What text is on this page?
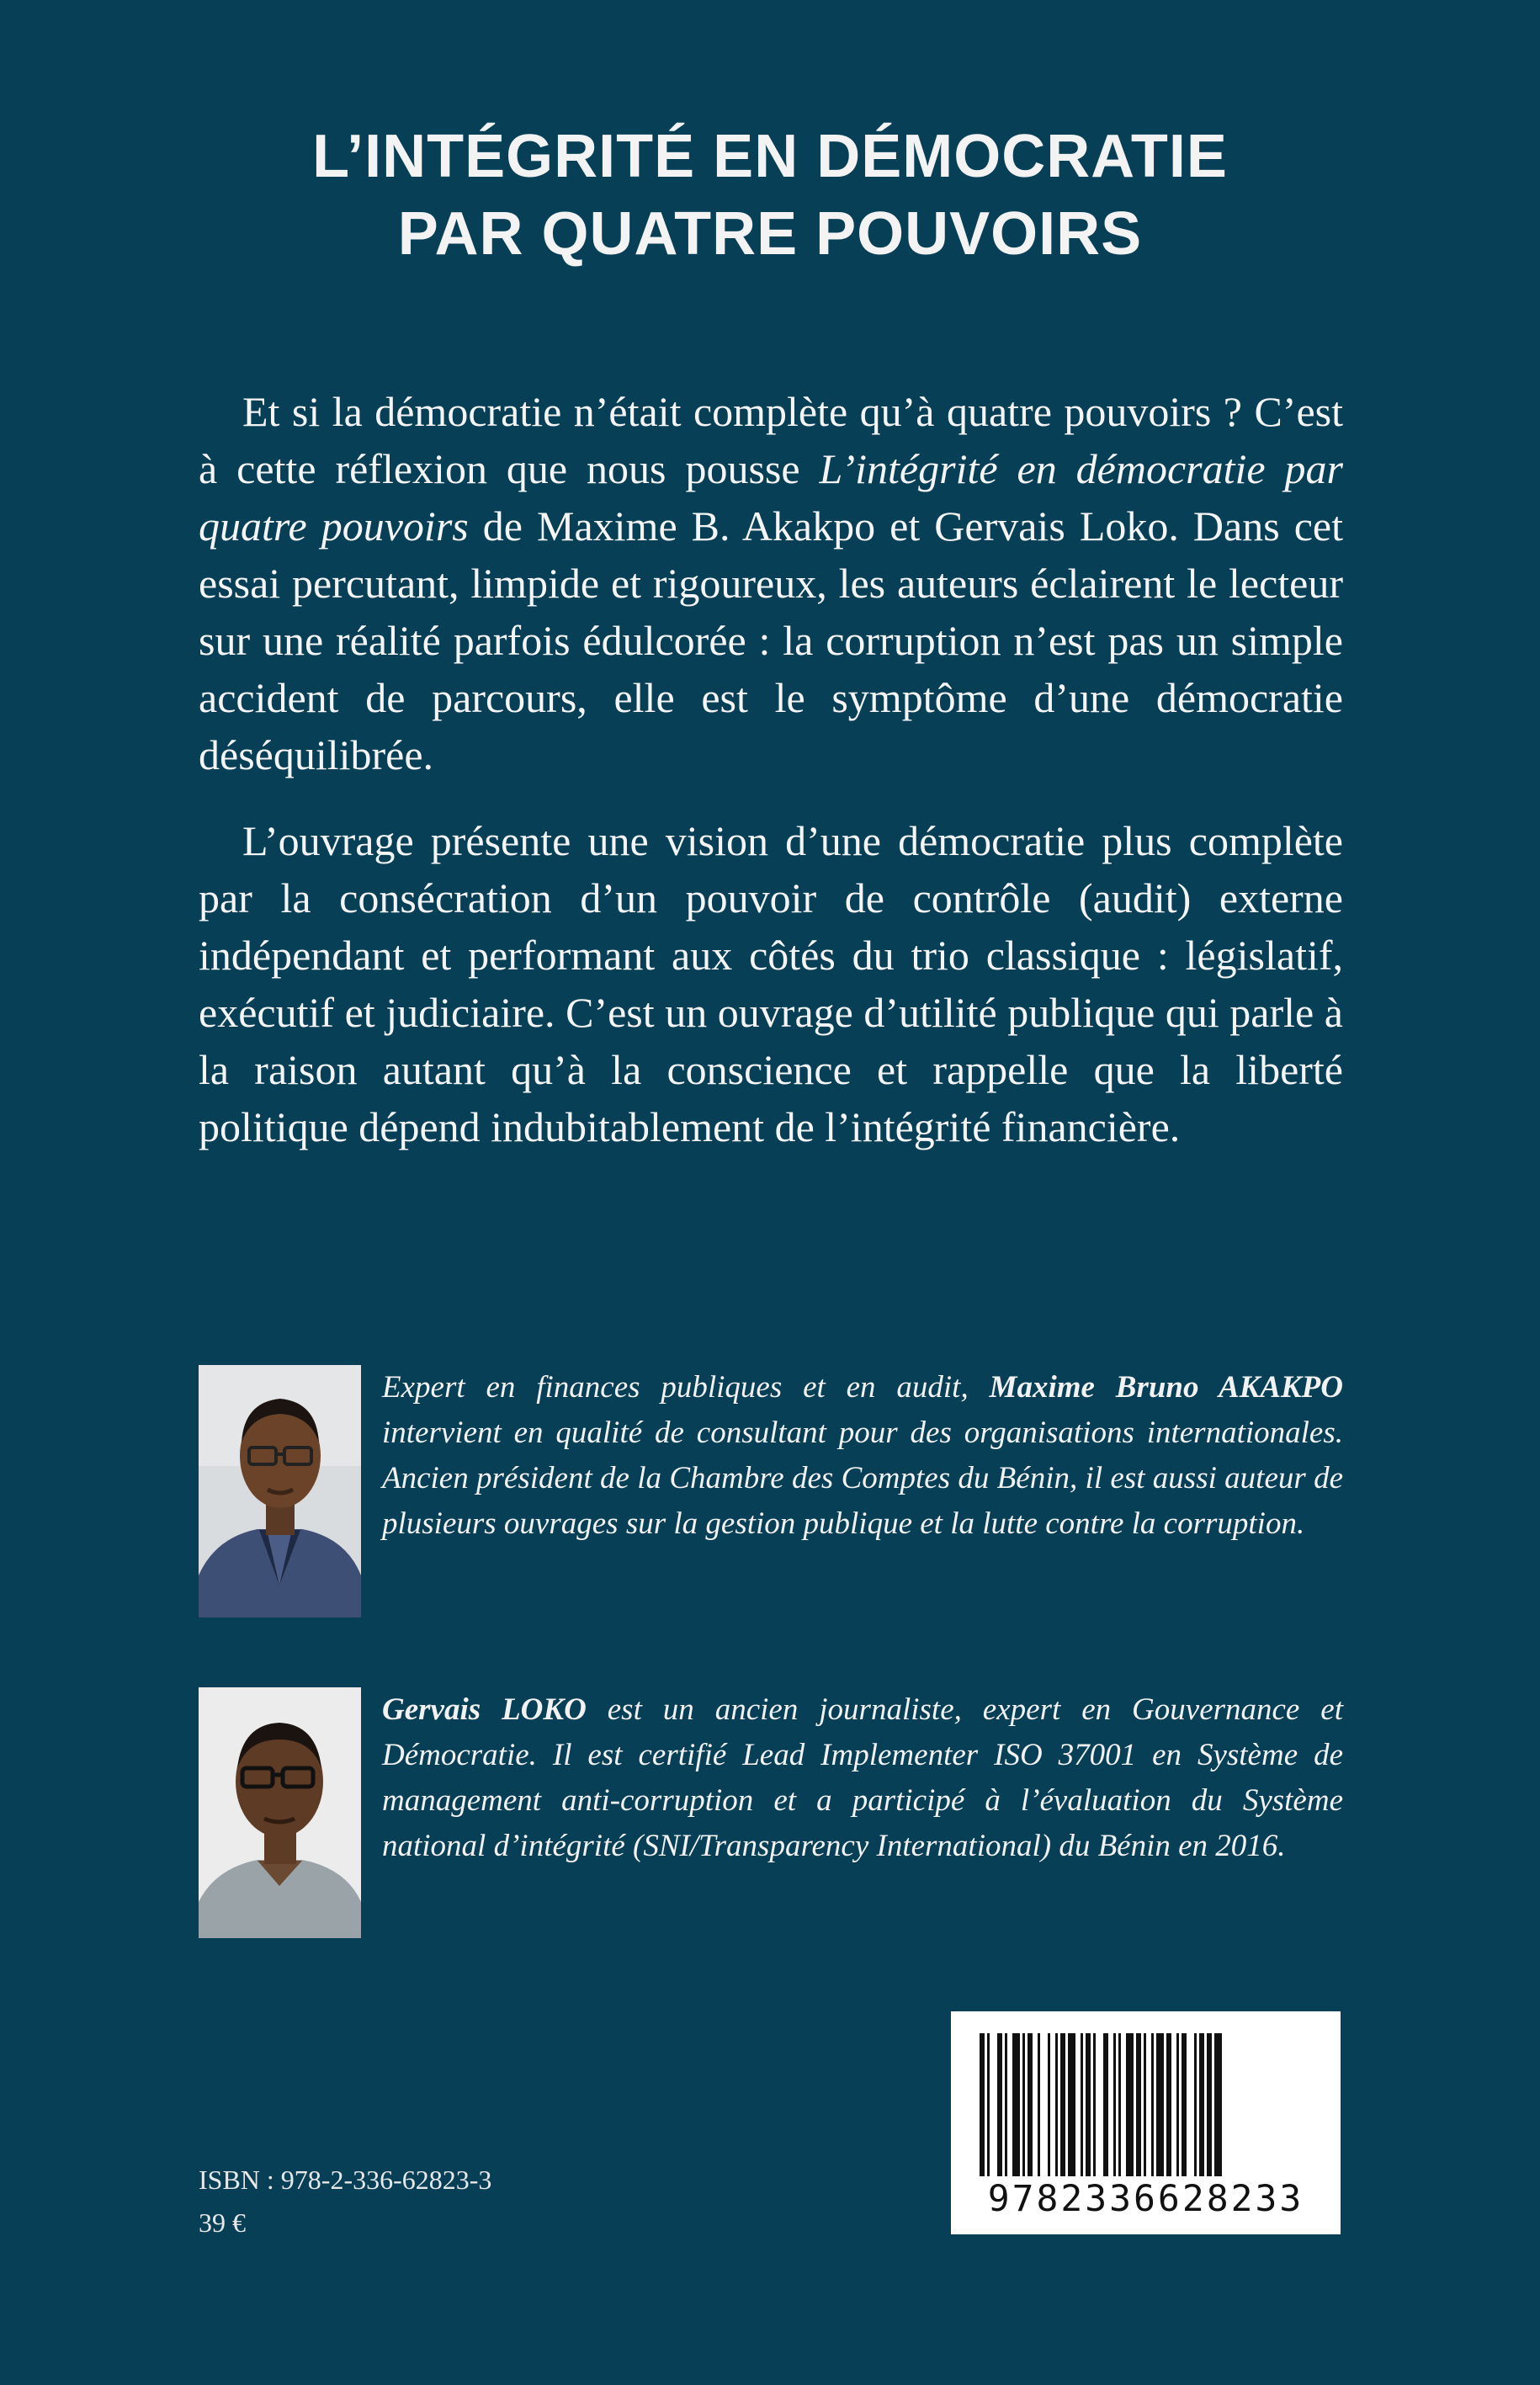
L’INTÉGRITÉ EN DÉMOCRATIE
PAR QUATRE POUVOIRS

Et si la démocratie n’était complète qu’à quatre pouvoirs ? C’est à cette réflexion que nous pousse L’intégrité en démocratie par quatre pouvoirs de Maxime B. Akakpo et Gervais Loko. Dans cet essai percutant, limpide et rigoureux, les auteurs éclairent le lecteur sur une réalité parfois édulcorée : la corruption n’est pas un simple accident de parcours, elle est le symptôme d’une démocratie déséquilibrée.

L’ouvrage présente une vision d’une démocratie plus complète par la consécration d’un pouvoir de contrôle (audit) externe indépendant et performant aux côtés du trio classique : législatif, exécutif et judiciaire. C’est un ouvrage d’utilité publique qui parle à la raison autant qu’à la conscience et rappelle que la liberté politique dépend indubitablement de l’intégrité financière.

Expert en finances publiques et en audit, Maxime Bruno AKAKPO intervient en qualité de consultant pour des organisations internationales. Ancien président de la Chambre des Comptes du Bénin, il est aussi auteur de plusieurs ouvrages sur la gestion publique et la lutte contre la corruption.
Gervais LOKO est un ancien journaliste, expert en Gouvernance et Démocratie. Il est certifié Lead Implementer ISO 37001 en Système de management anti-corruption et a participé à l’évaluation du Système national d’intégrité (SNI/Transparency International) du Bénin en 2016.
9782336628233
ISBN : 978-2-336-62823-3
39 €
